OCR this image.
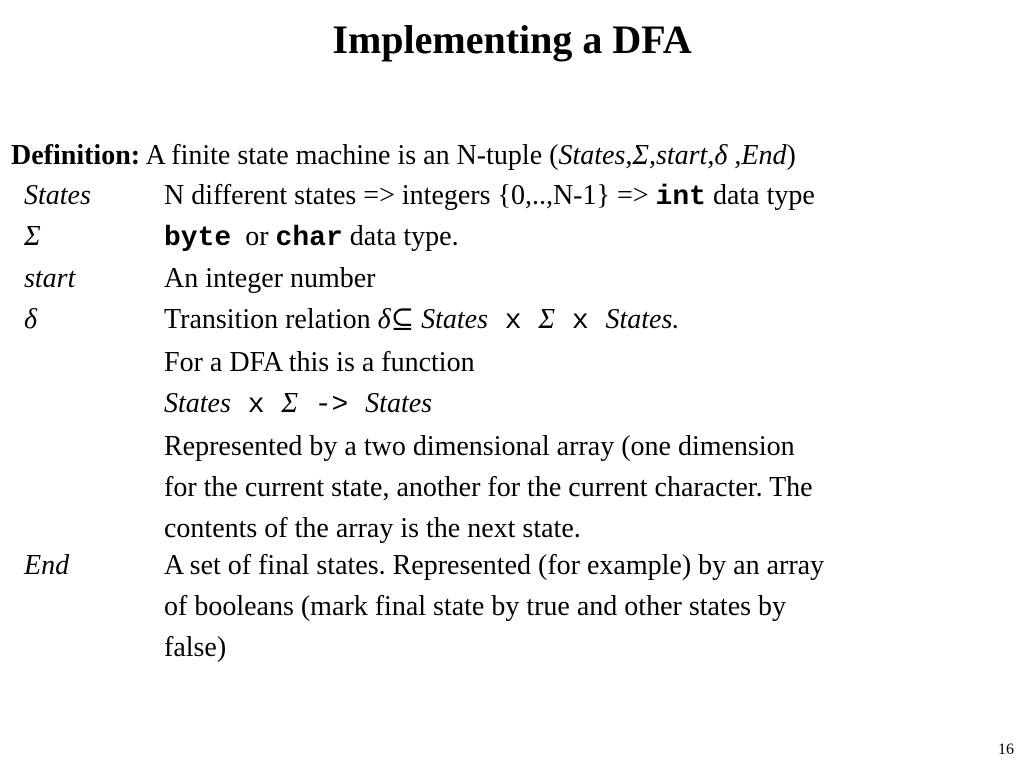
Implementing a DFA
Definition: A finite state machine is an N-tuple (States,Σ,start,δ ,End)
States	N different states => integers {0,..,N-1} => int data type
Σ	byte  or char data type.
start	An integer number
δ	Transition relation δ⊆ States x Σ x States.
For a DFA this is a function
States x Σ -> States
Represented by a two dimensional array (one dimension
for the current state, another for the current character. The
contents of the array is the next state.
End	A set of final states. Represented (for example) by an array
of booleans (mark final state by true and other states by
false)
16
